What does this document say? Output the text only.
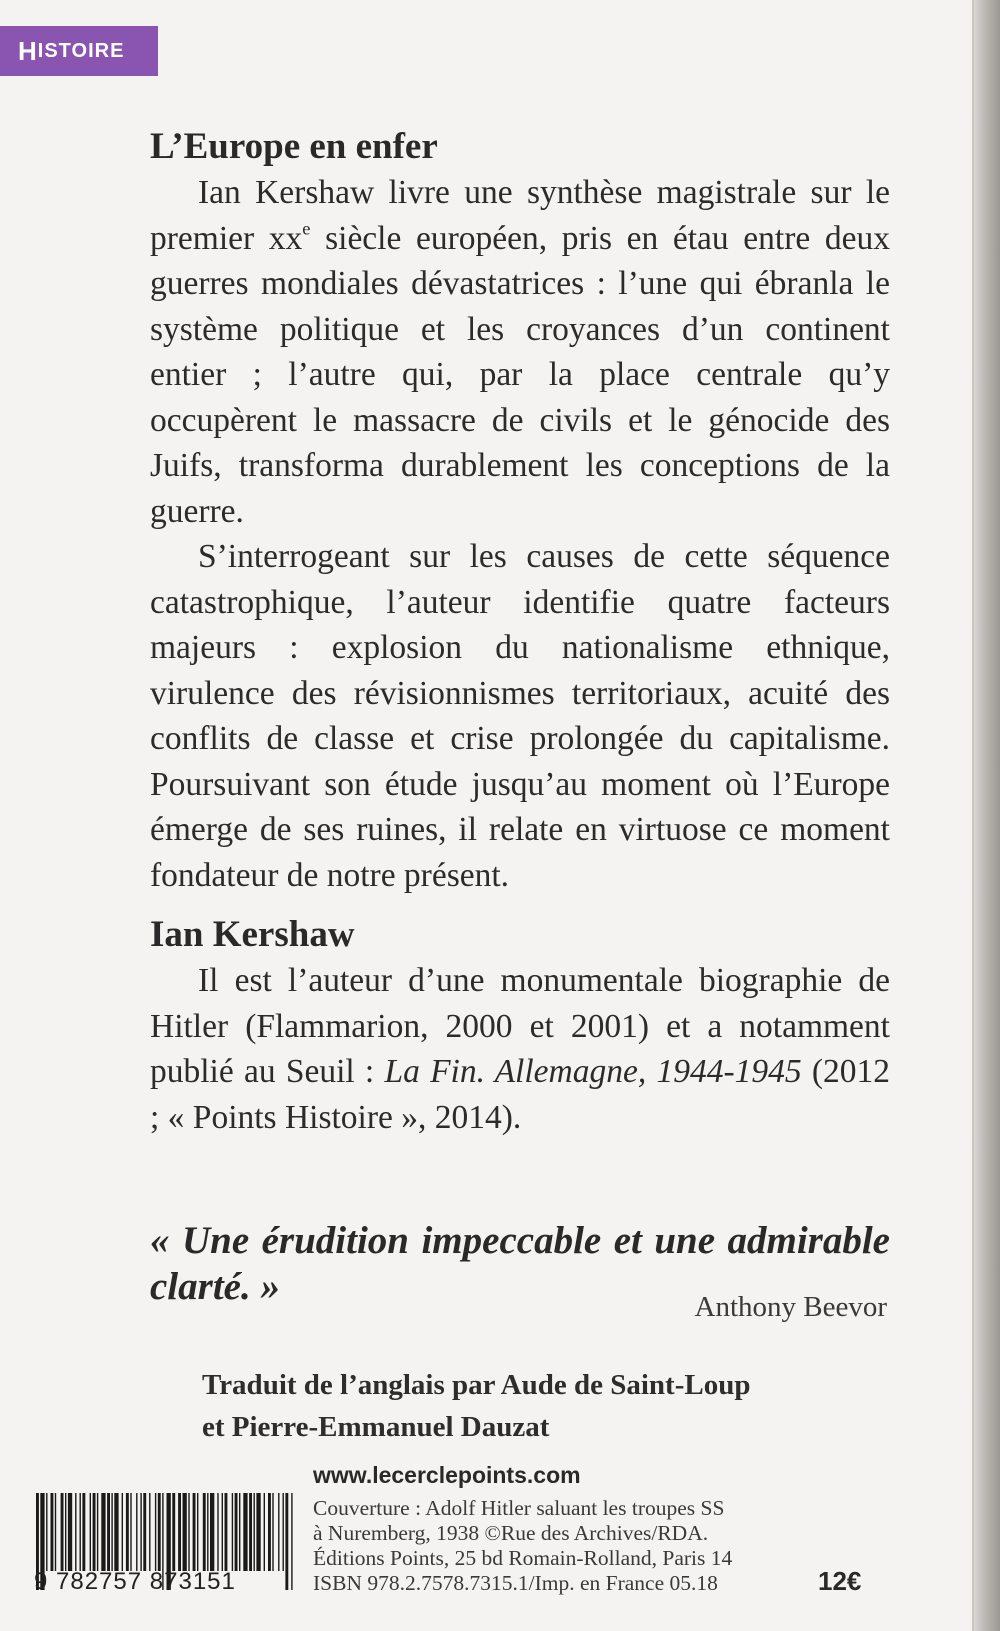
H ISTOIRE
L’Europe en enfer

Ian Kershaw livre une synthèse magistrale sur le premier $xx^e$ siècle européen, pris en étau entre deux guerres mondiales dévastatrices : l’une qui ébranla le système politique et les croyances d’un continent entier ; l’autre qui, par la place centrale qu’y occupèrent le massacre de civils et le génocide des Juifs, transforma durablement les conceptions de la guerre.

S’interrogeant sur les causes de cette séquence catastrophique, l’auteur identifie quatre facteurs majeurs : explosion du nationalisme ethnique, virulence des révisionnismes territoriaux, acuité des conflits de classe et crise prolongée du capitalisme. Poursuivant son étude jusqu’au moment où l’Europe émerge de ses ruines, il relate en virtuose ce moment fondateur de notre présent.

Ian Kershaw

Il est l’auteur d’une monumentale biographie de Hitler (Flammarion, 2000 et 2001) et a notamment publié au Seuil : La Fin. Allemagne, 1944-1945 (2012 ; « Points Histoire », 2014).

« Une érudition impeccable et une admirable clarté. »	Anthony Beevor
Traduit de l’anglais par Aude de Saint-Loup
et Pierre-Emmanuel Dauzat
9 782757 873151
www.lecerclepoints.com
Couverture : Adolf Hitler saluant les troupes SS
à Nuremberg, 1938 ©Rue des Archives/RDA.
Éditions Points, 25 bd Romain-Rolland, Paris 14
ISBN 978.2.7578.7315.1/Imp. en France 05.18	12€
